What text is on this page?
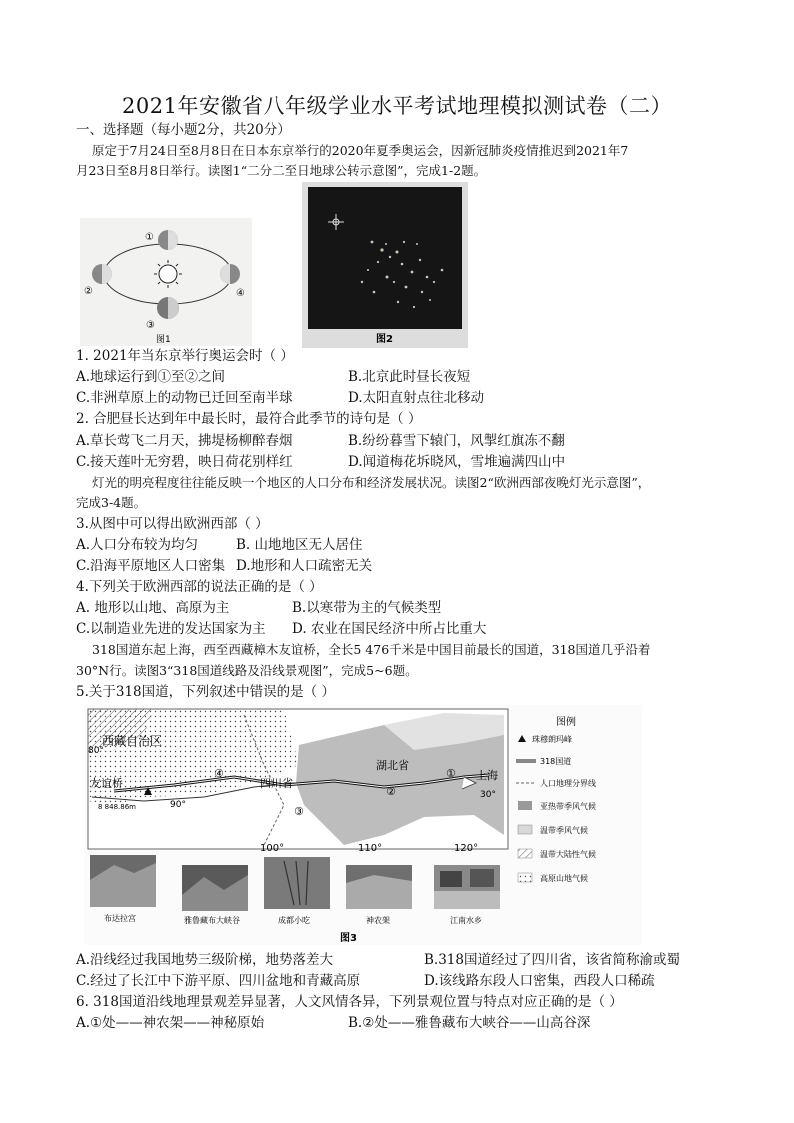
2021年安徽省八年级学业水平考试地理模拟测试卷（二）
一、选择题（每小题2分，共20分）
原定于7月24日至8月8日在日本东京举行的2020年夏季奥运会，因新冠肺炎疫情推迟到2021年7
月23日至8月8日举行。读图1“二分二至日地球公转示意图”，完成1-2题。
①
②
③
④
图1	图2
1. 2021年当东京举行奥运会时（ ）
A.地球运行到①至②之间	B.北京此时昼长夜短
C.非洲草原上的动物已迁回至南半球	D.太阳直射点往北移动
2. 合肥昼长达到年中最长时，最符合此季节的诗句是（ ）
A.草长莺飞二月天，拂堤杨柳醉春烟	B.纷纷暮雪下辕门，风掣红旗冻不翻
C.接天莲叶无穷碧，映日荷花别样红	D.闻道梅花坼晓风，雪堆遍满四山中
灯光的明亮程度往往能反映一个地区的人口分布和经济发展状况。读图2“欧洲西部夜晚灯光示意图”，
完成3-4题。
3.从图中可以得出欧洲西部（ ）
A.人口分布较为均匀	B. 山地地区无人居住
C.沿海平原地区人口密集 D.地形和人口疏密无关
4.下列关于欧洲西部的说法正确的是（ ）
A. 地形以山地、高原为主	B.以寒带为主的气候类型
C.以制造业先进的发达国家为主 D. 农业在国民经济中所占比重大
318国道东起上海，西至西藏樟木友谊桥，全长5 476千米是中国目前最长的国道，318国道几乎沿着
30°N行。读图3“318国道线路及沿线景观图”，完成5~6题。
5.关于318国道，下列叙述中错误的是（ ）
西藏自治区
四川省
湖北省
上海
友谊桥
8 848.86m
30°
80°
90°
100°	110°	120°
①
②
③
④
图例
珠穆朗玛峰
318国道
人口地理分界线
亚热带季风气候
温带季风气候
温带大陆性气候
高原山地气候
布达拉宫	雅鲁藏布大峡谷	成都小吃	神农架	江南水乡
图3
A.沿线经过我国地势三级阶梯，地势落差大	B.318国道经过了四川省，该省简称渝或蜀
C.经过了长江中下游平原、四川盆地和青藏高原	D.该线路东段人口密集，西段人口稀疏
6. 318国道沿线地理景观差异显著，人文风情各异，下列景观位置与特点对应正确的是（ ）
A.①处——神农架——神秘原始	B.②处——雅鲁藏布大峡谷——山高谷深
